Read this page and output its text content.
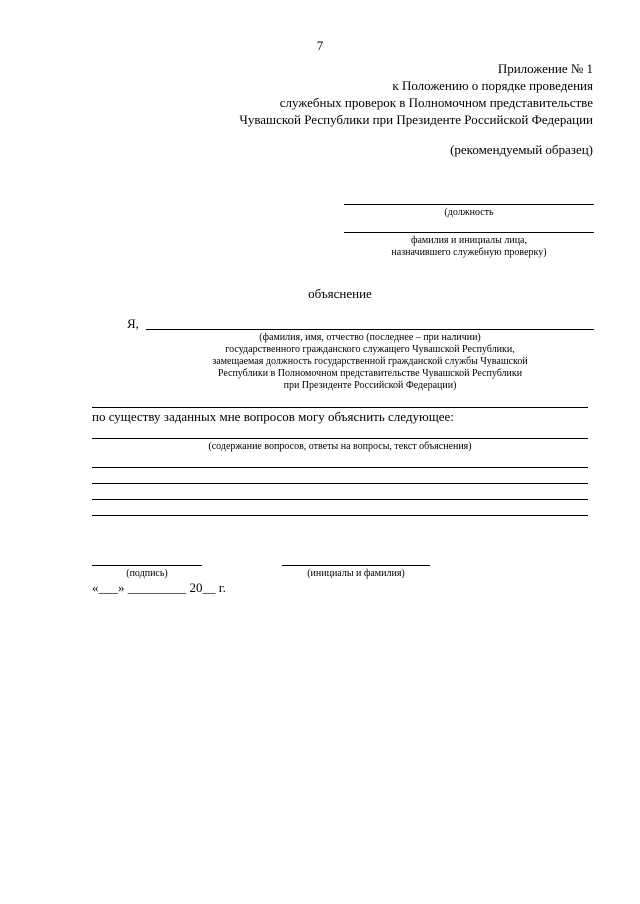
7
Приложение № 1
к Положению о порядке проведения
служебных проверок в Полномочном представительстве
Чувашской Республики при Президенте Российской Федерации
(рекомендуемый образец)
(должность
фамилия и инициалы лица,
назначившего служебную проверку)
объяснение
Я,
(фамилия, имя, отчество (последнее – при наличии)
государственного гражданского служащего Чувашской Республики,
замещаемая должность государственной гражданской службы Чувашской
Республики в Полномочном представительстве Чувашской Республики
при Президенте Российской Федерации)
по существу заданных мне вопросов могу объяснить следующее:
(содержание вопросов, ответы на вопросы, текст объяснения)
(подпись)	(инициалы и фамилия)
«___» _________ 20__ г.
